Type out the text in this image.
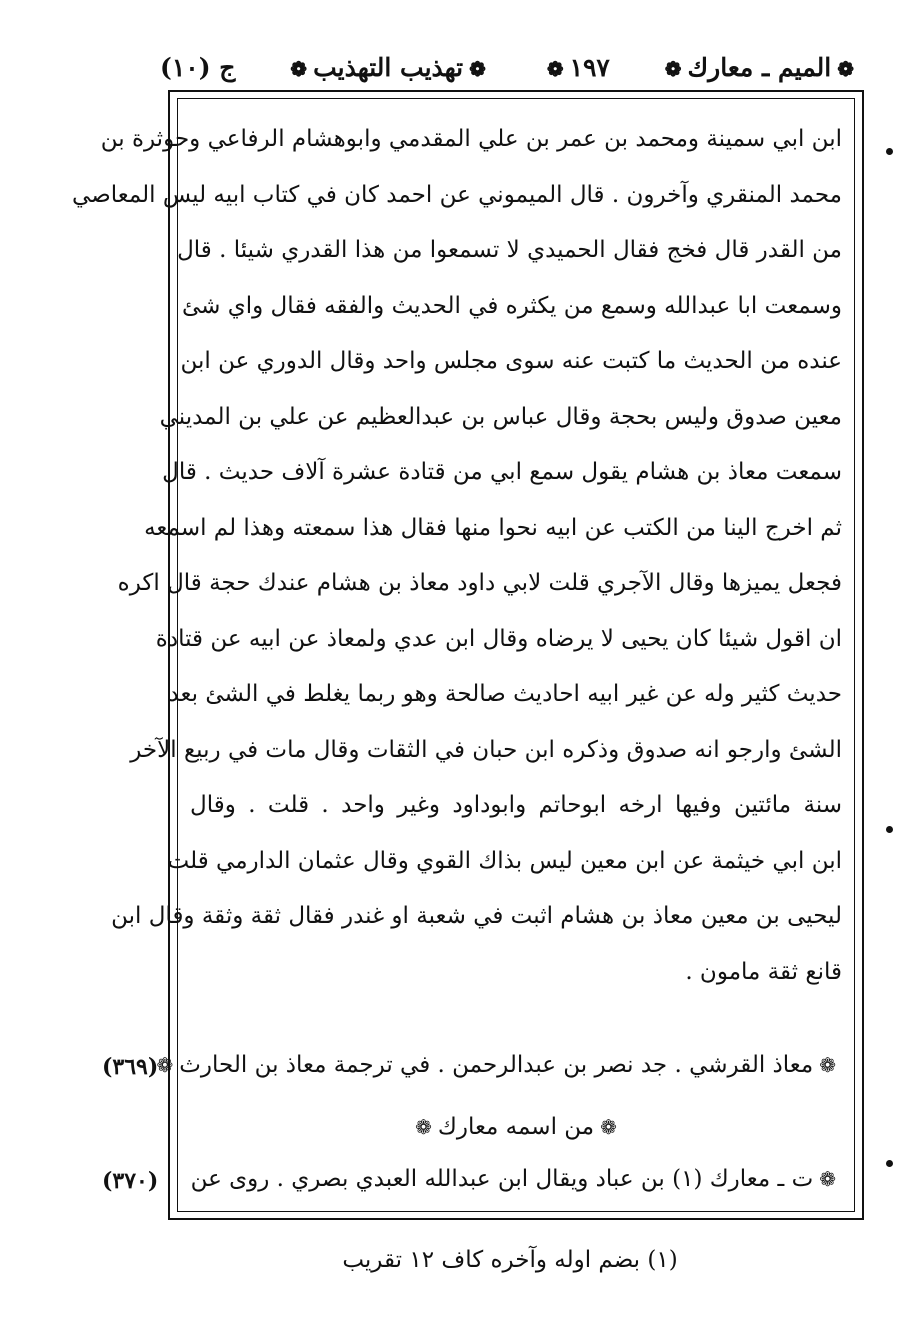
ج (١٠)	❁تهذيب التهذيب❁	١٩٧❁	❁الميم ـ معارك❁
ابن ابي سمينة ومحمد بن عمر بن علي المقدمي وابوهشام الرفاعي وحوثرة بن
محمد المنقري وآخرون . قال الميموني عن احمد كان في كتاب ابيه ليس المعاصي
من القدر قال فخج فقال الحميدي لا تسمعوا من هذا القدري شيئا . قال
وسمعت ابا عبدالله وسمع من يكثره في الحديث والفقه فقال واي شئ
عنده من الحديث ما كتبت عنه سوى مجلس واحد وقال الدوري عن ابن
معين صدوق وليس بحجة وقال عباس بن عبدالعظيم عن علي بن المديني
سمعت معاذ بن هشام يقول سمع ابي من قتادة عشرة آلاف حديث . قال
ثم اخرج الينا من الكتب عن ابيه نحوا منها فقال هذا سمعته وهذا لم اسمعه
فجعل يميزها وقال الآجري قلت لابي داود معاذ بن هشام عندك حجة قال اكره
ان اقول شيئا كان يحيى لا يرضاه وقال ابن عدي ولمعاذ عن ابيه عن قتادة
حديث كثير وله عن غير ابيه احاديث صالحة وهو ربما يغلط في الشئ بعد
الشئ وارجو انه صدوق وذكره ابن حبان في الثقات وقال مات في ربيع الآخر
سنة مائتين وفيها ارخه ابوحاتم وابوداود وغير واحد . قلت . وقال
ابن ابي خيثمة عن ابن معين ليس بذاك القوي وقال عثمان الدارمي قلت
ليحيى بن معين معاذ بن هشام اثبت في شعبة او غندر فقال ثقة وثقة وقال ابن
قانع ثقة مامون .
❁معاذ القرشي . جد نصر بن عبدالرحمن . في ترجمة معاذ بن الحارث❁
(٣٦٩)
❁من اسمه معارك❁
❁ت ـ معارك (١) بن عباد ويقال ابن عبدالله العبدي بصري . روى عن
(٣٧٠)
(١) بضم اوله وآخره كاف ١٢ تقريب
